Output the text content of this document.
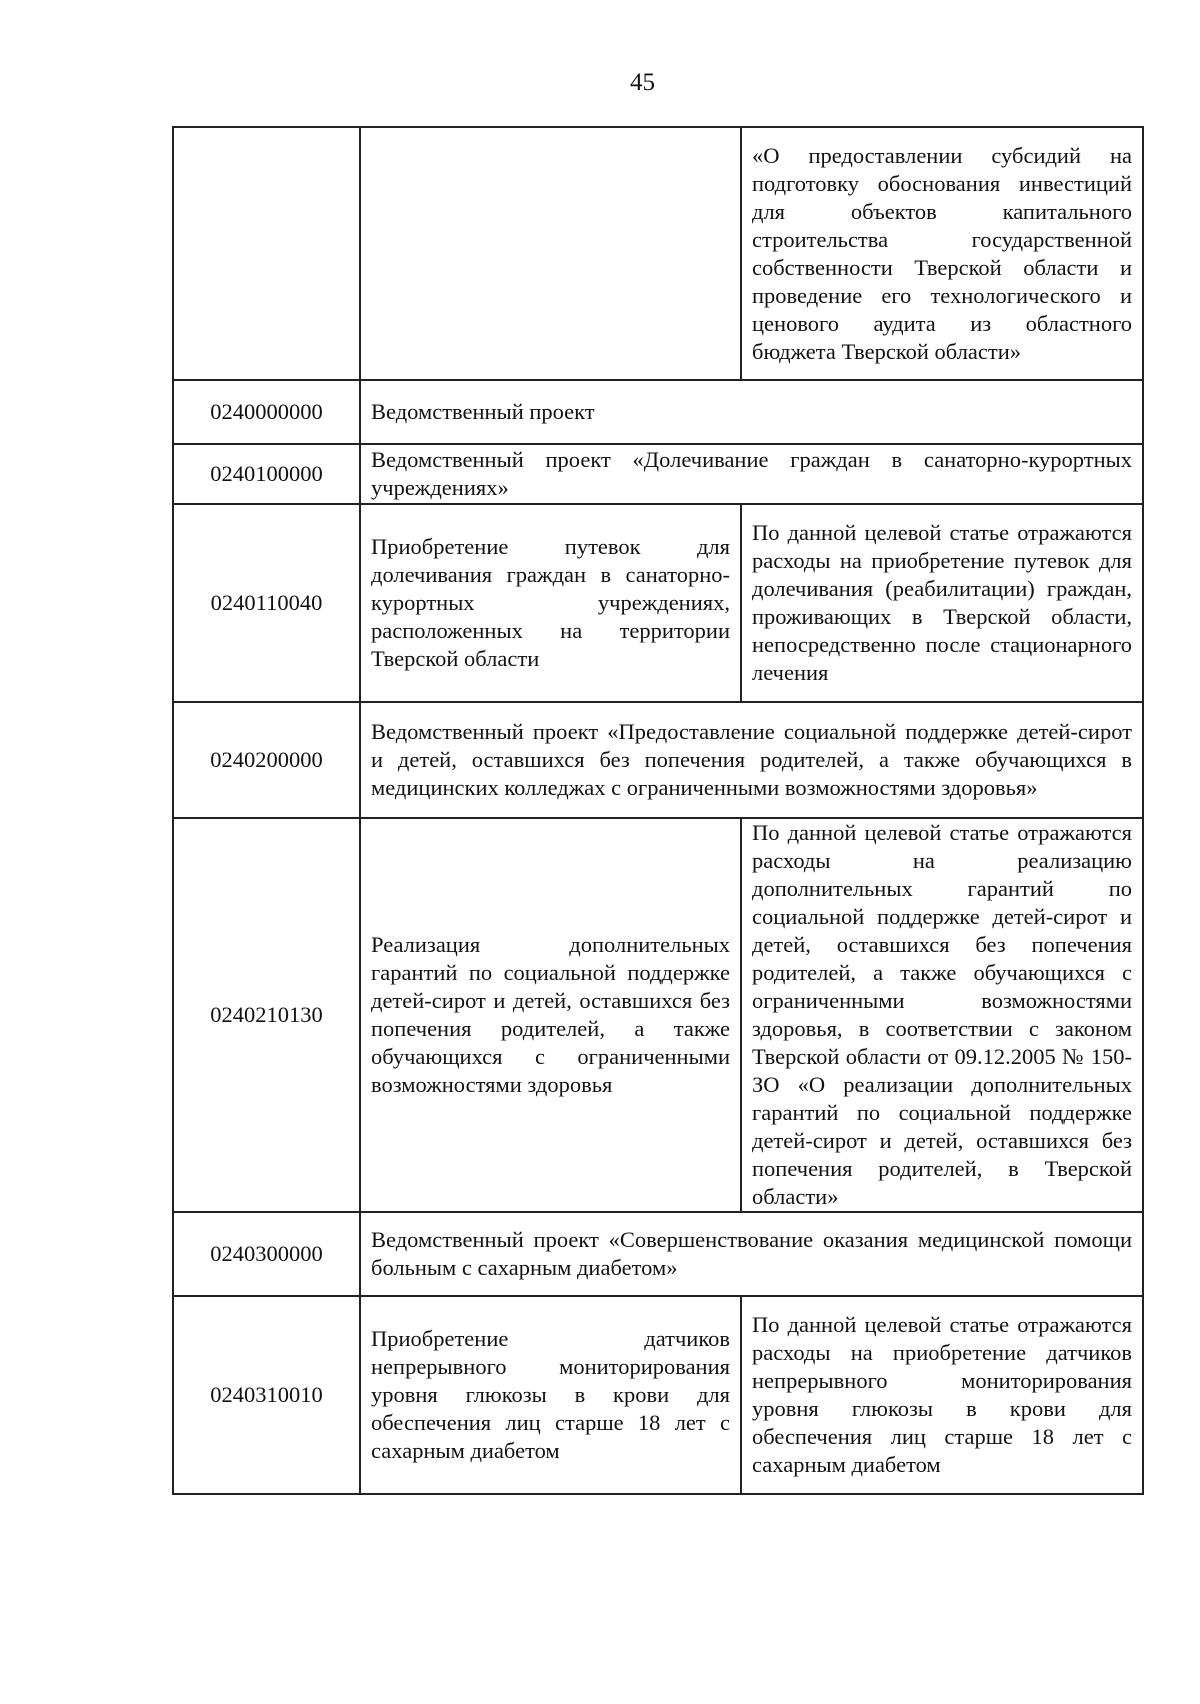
45
		«О предоставлении субсидий на подготовку обоснования инвестиций для объектов капитального строительства государственной собственности Тверской области и проведение его технологического и ценового аудита из областного бюджета Тверской области»
0240000000	Ведомственный проект	
0240100000	Ведомственный проект «Долечивание граждан в санаторно-курортных учреждениях»	
0240110040	Приобретение путевок для долечивания граждан в санаторно-курортных учреждениях, расположенных на территории Тверской области	По данной целевой статье отражаются расходы на приобретение путевок для долечивания (реабилитации) граждан, проживающих в Тверской области, непосредственно после стационарного лечения
0240200000	Ведомственный проект «Предоставление социальной поддержке детей-сирот и детей, оставшихся без попечения родителей, а также обучающихся в медицинских колледжах с ограниченными возможностями здоровья»	
0240210130	Реализация дополнительных гарантий по социальной поддержке детей-сирот и детей, оставшихся без попечения родителей, а также обучающихся с ограниченными возможностями здоровья	По данной целевой статье отражаются расходы на реализацию дополнительных гарантий по социальной поддержке детей-сирот и детей, оставшихся без попечения родителей, а также обучающихся с ограниченными возможностями здоровья, в соответствии с законом Тверской области от 09.12.2005 № 150-ЗО «О реализации дополнительных гарантий по социальной поддержке детей-сирот и детей, оставшихся без попечения родителей, в Тверской области»
0240300000	Ведомственный проект «Совершенствование оказания медицинской помощи больным с сахарным диабетом»	
0240310010	Приобретение датчиков непрерывного мониторирования уровня глюкозы в крови для обеспечения лиц старше 18 лет с сахарным диабетом	По данной целевой статье отражаются расходы на приобретение датчиков непрерывного мониторирования уровня глюкозы в крови для обеспечения лиц старше 18 лет с сахарным диабетом
